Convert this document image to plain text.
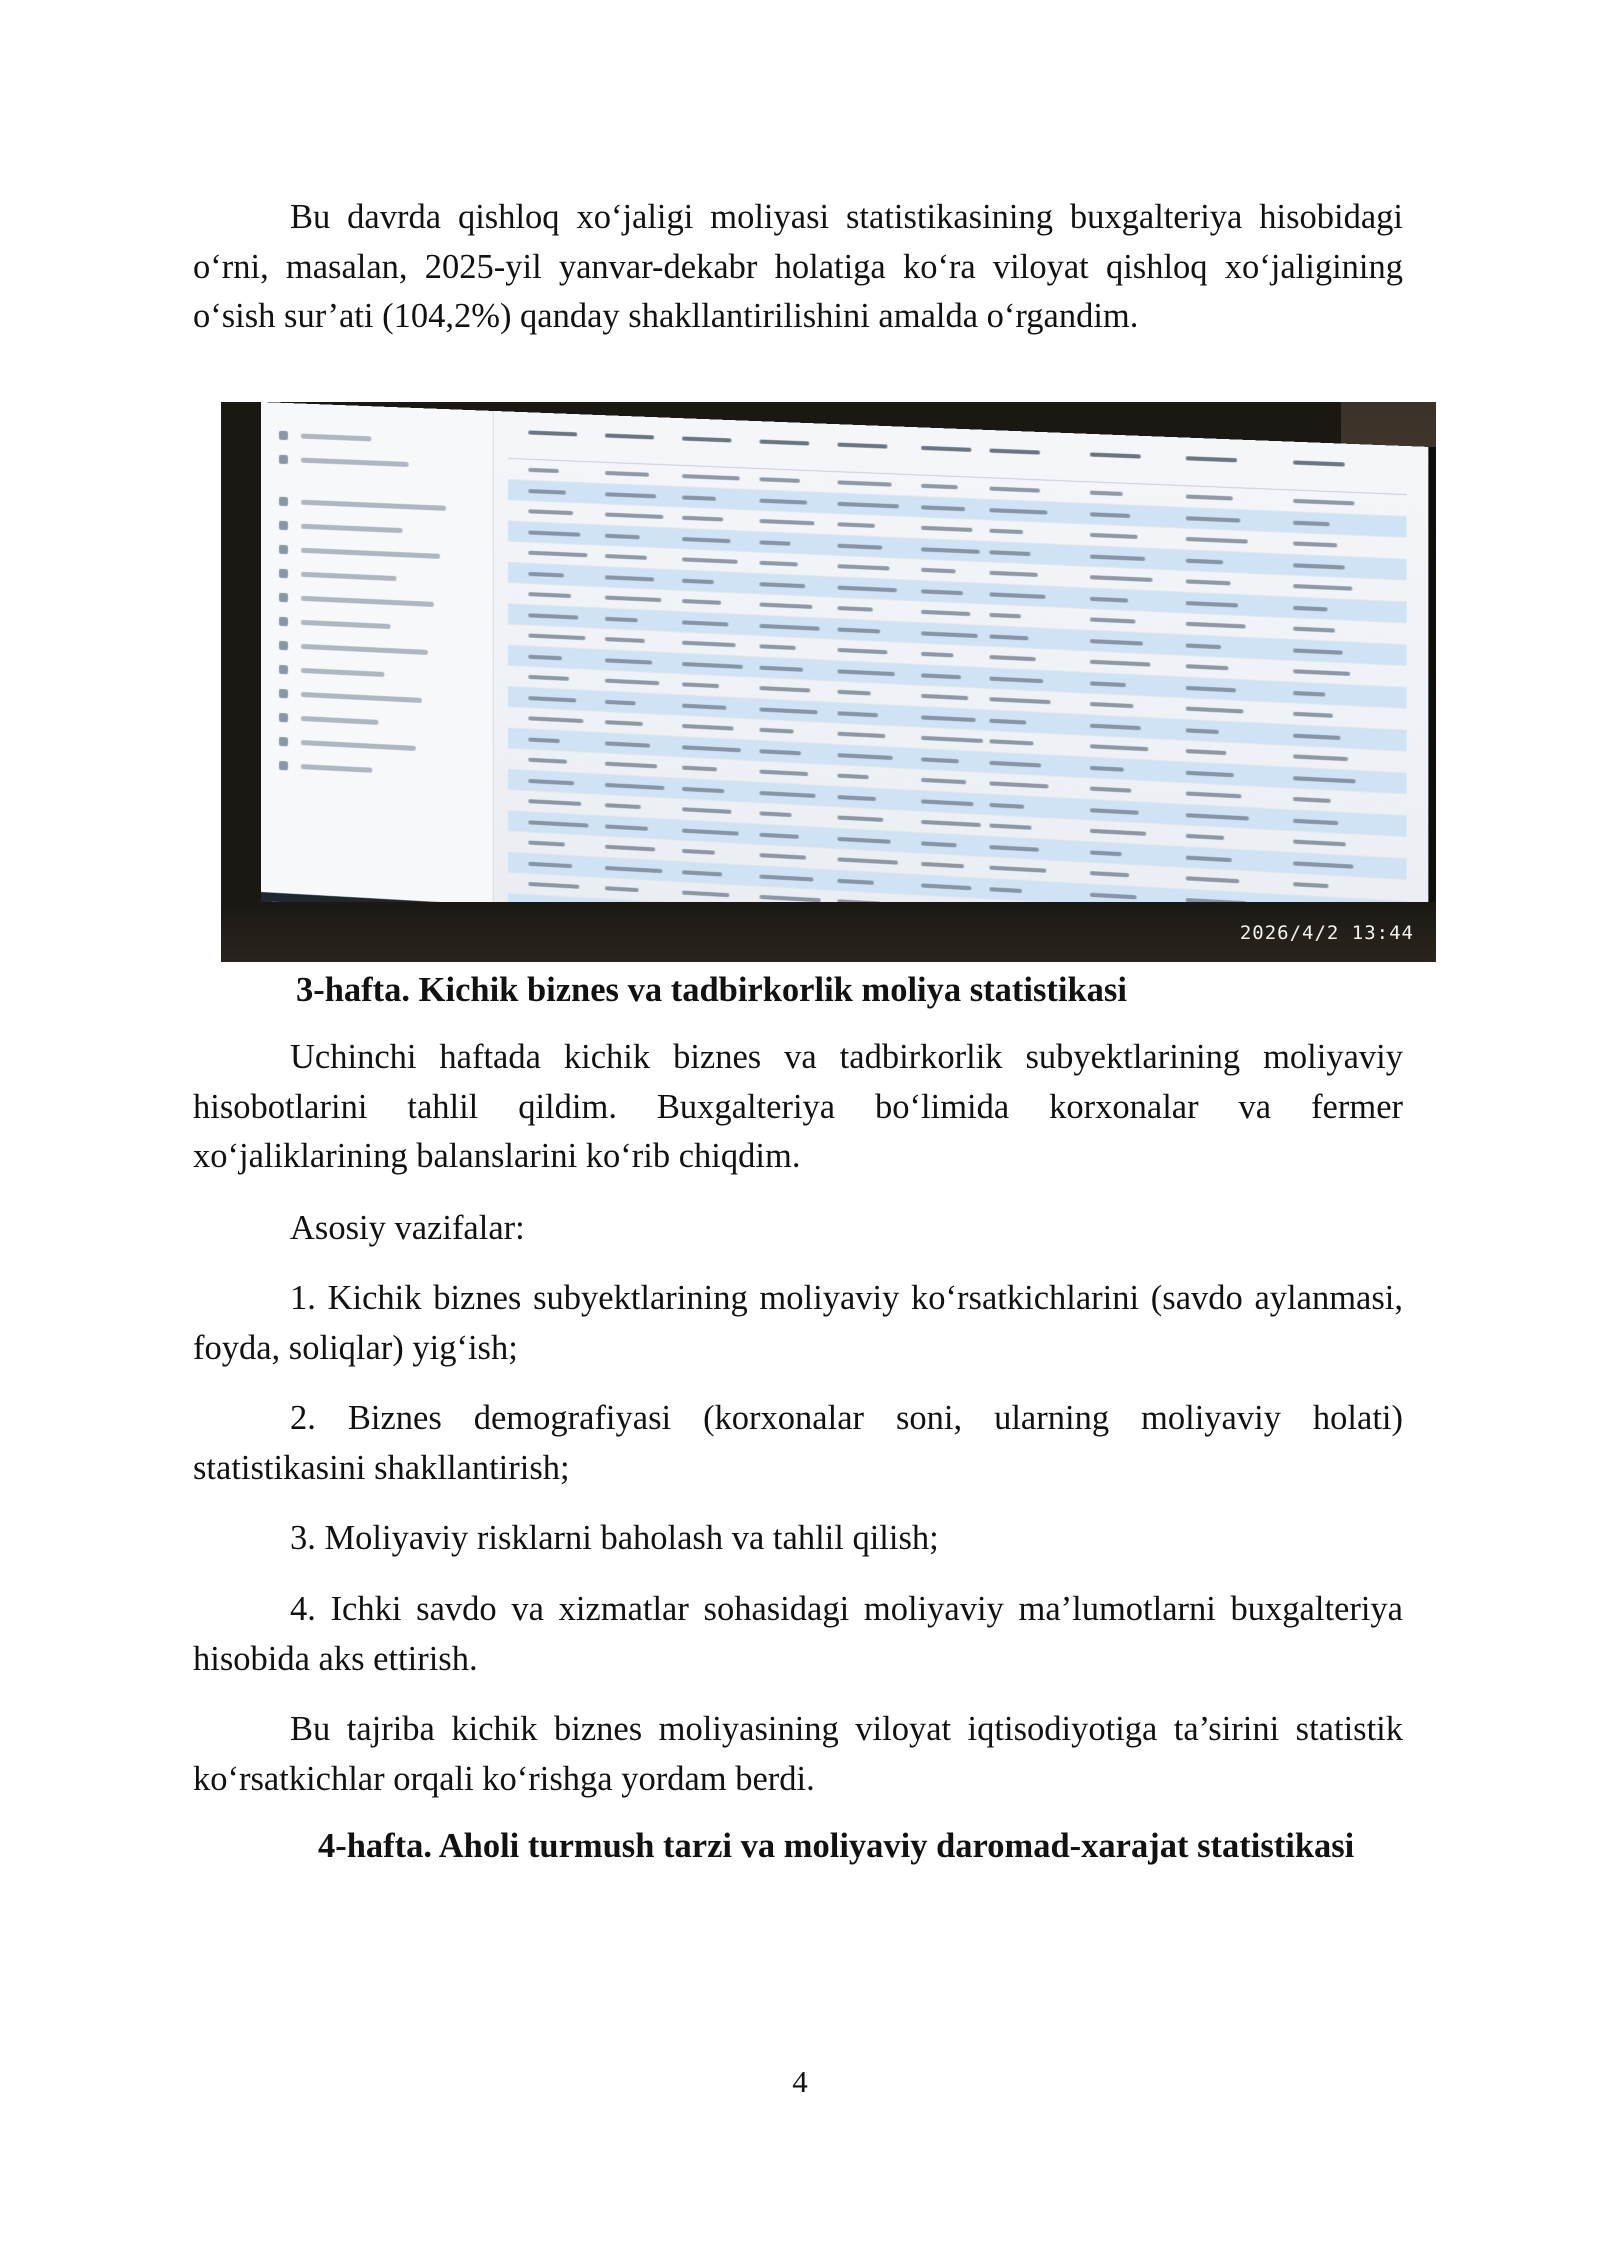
Bu davrda qishloq xo‘jaligi moliyasi statistikasining buxgalteriya hisobidagi o‘rni, masalan, 2025-yil yanvar-dekabr holatiga ko‘ra viloyat qishloq xo‘jaligining o‘sish sur’ati (104,2%) qanday shakllantirilishini amalda o‘rgandim.

2026/4/2 13:44
3-hafta. Kichik biznes va tadbirkorlik moliya statistikasi

Uchinchi haftada kichik biznes va tadbirkorlik subyektlarining moliyaviy hisobotlarini tahlil qildim. Buxgalteriya bo‘limida korxonalar va fermer xo‘jaliklarining balanslarini ko‘rib chiqdim.

Asosiy vazifalar:

1. Kichik biznes subyektlarining moliyaviy ko‘rsatkichlarini (savdo aylanmasi, foyda, soliqlar) yig‘ish;

2. Biznes demografiyasi (korxonalar soni, ularning moliyaviy holati) statistikasini shakllantirish;

3. Moliyaviy risklarni baholash va tahlil qilish;

4. Ichki savdo va xizmatlar sohasidagi moliyaviy ma’lumotlarni buxgalteriya hisobida aks ettirish.

Bu tajriba kichik biznes moliyasining viloyat iqtisodiyotiga ta’sirini statistik ko‘rsatkichlar orqali ko‘rishga yordam berdi.

4-hafta. Aholi turmush tarzi va moliyaviy daromad-xarajat statistikasi
4
